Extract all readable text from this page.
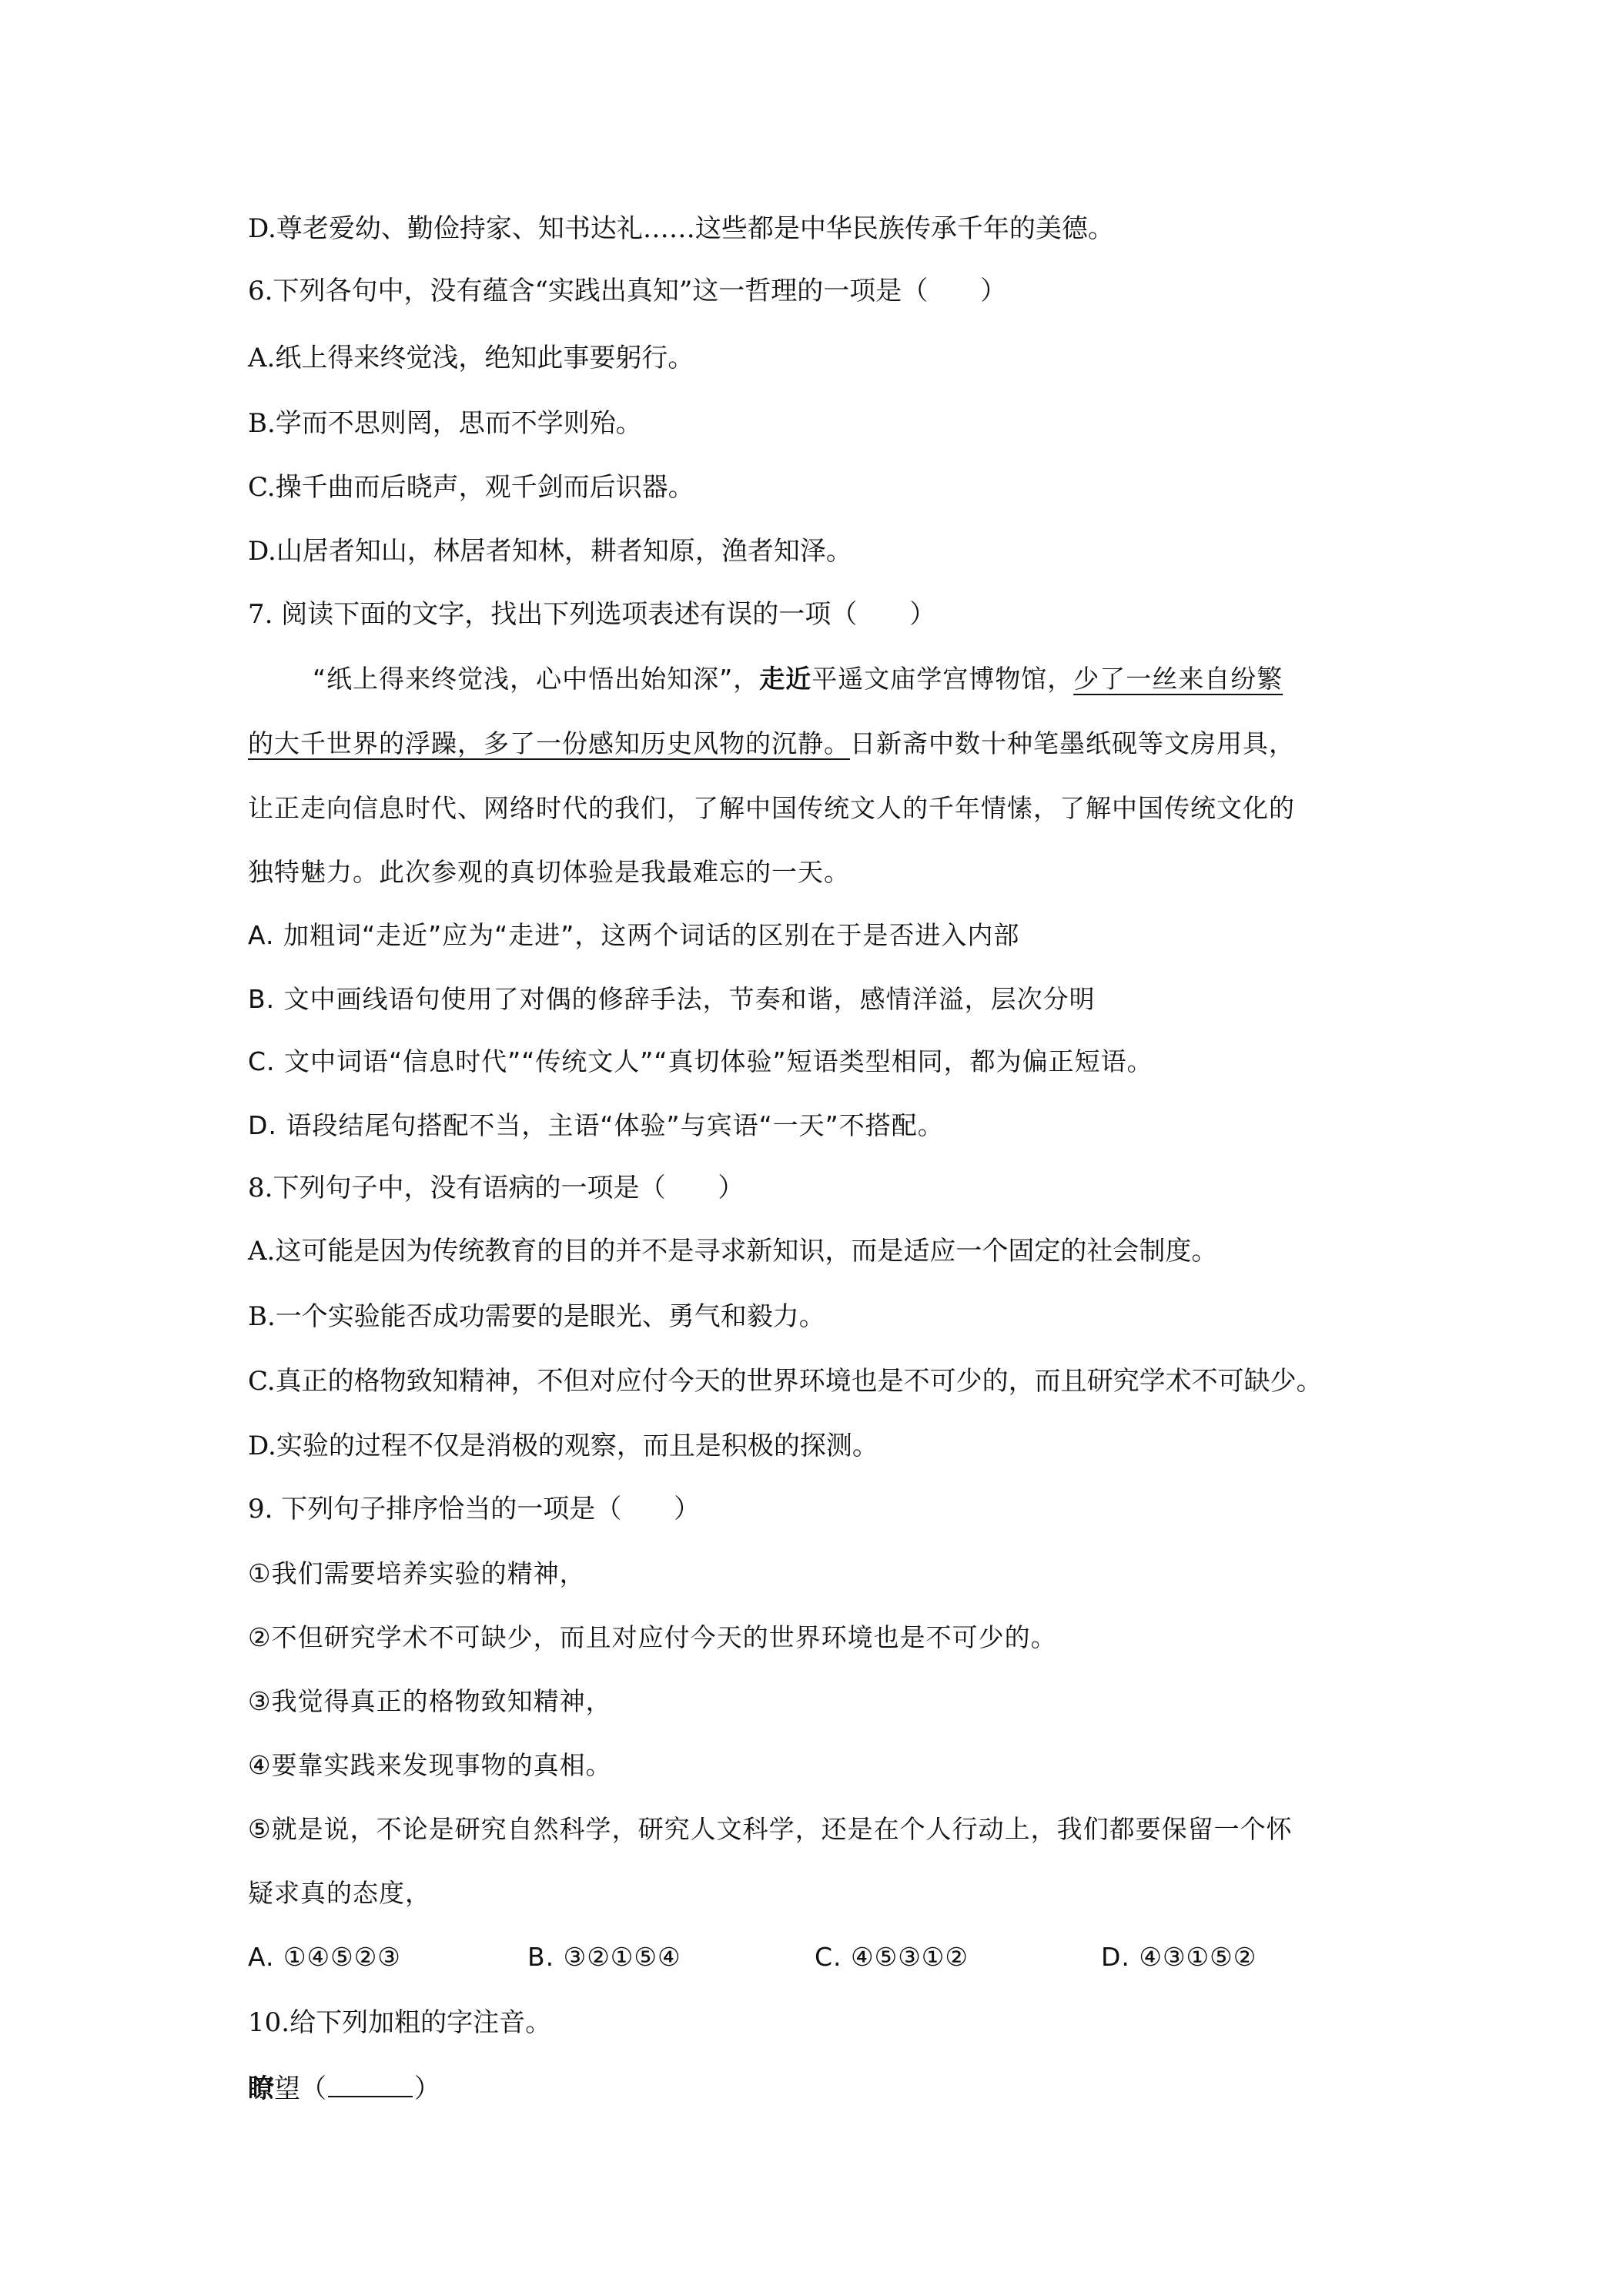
D.尊老爱幼、勤俭持家、知书达礼……这些都是中华民族传承千年的美德。
6.下列各句中，没有蕴含“实践出真知”这一哲理的一项是（　　）
A.纸上得来终觉浅，绝知此事要躬行。
B.学而不思则罔，思而不学则殆。
C.操千曲而后晓声，观千剑而后识器。
D.山居者知山，林居者知林，耕者知原，渔者知泽。
7. 阅读下面的文字，找出下列选项表述有误的一项（　　）
“纸上得来终觉浅，心中悟出始知深”，走近平遥文庙学宫博物馆，少了一丝来自纷繁
的大千世界的浮躁，多了一份感知历史风物的沉静。日新斋中数十种笔墨纸砚等文房用具，
让正走向信息时代、网络时代的我们，了解中国传统文人的千年情愫，了解中国传统文化的
独特魅力。此次参观的真切体验是我最难忘的一天。
A. 加粗词“走近”应为“走进”，这两个词话的区别在于是否进入内部
B. 文中画线语句使用了对偶的修辞手法，节奏和谐，感情洋溢，层次分明
C. 文中词语“信息时代”“传统文人”“真切体验”短语类型相同，都为偏正短语。
D. 语段结尾句搭配不当，主语“体验”与宾语“一天”不搭配。
8.下列句子中，没有语病的一项是（　　）
A.这可能是因为传统教育的目的并不是寻求新知识，而是适应一个固定的社会制度。
B.一个实验能否成功需要的是眼光、勇气和毅力。
C.真正的格物致知精神，不但对应付今天的世界环境也是不可少的，而且研究学术不可缺少。
D.实验的过程不仅是消极的观察，而且是积极的探测。
9. 下列句子排序恰当的一项是（　　）
①我们需要培养实验的精神，
②不但研究学术不可缺少，而且对应付今天的世界环境也是不可少的。
③我觉得真正的格物致知精神，
④要靠实践来发现事物的真相。
⑤就是说，不论是研究自然科学，研究人文科学，还是在个人行动上，我们都要保留一个怀
疑求真的态度，
A. ①④⑤②③	B. ③②①⑤④	C. ④⑤③①②	D. ④③①⑤②
10.给下列加粗的字注音。
瞭望（	）
